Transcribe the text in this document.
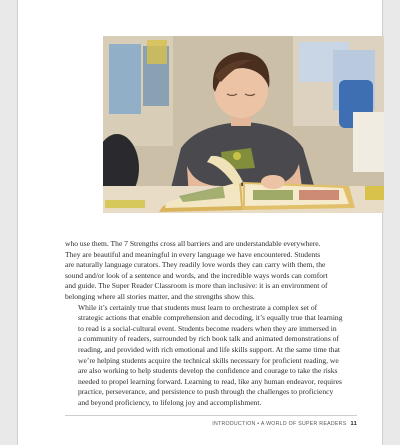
who use them. The 7 Strengths cross all barriers and are understandable everywhere.
They are beautiful and meaningful in every language we have encountered. Students
are naturally language curators. They readily love words they can carry with them, the
sound and/or look of a sentence and words, and the incredible ways words can comfort
and guide. The Super Reader Classroom is more than inclusive: it is an environment of
belonging where all stories matter, and the strengths show this.

While it’s certainly true that students must learn to orchestrate a complex set of
strategic actions that enable comprehension and decoding, it’s equally true that learning
to read is a social-cultural event. Students become readers when they are immersed in
a community of readers, surrounded by rich book talk and animated demonstrations of
reading, and provided with rich emotional and life skills support. At the same time that
we’re helping students acquire the technical skills necessary for proficient reading, we
are also working to help students develop the confidence and courage to take the risks
needed to propel learning forward. Learning to read, like any human endeavor, requires
practice, perseverance, and persistence to push through the challenges to proficiency
and beyond proficiency, to lifelong joy and accomplishment.

INTRODUCTION • A WORLD OF SUPER READERS 11
